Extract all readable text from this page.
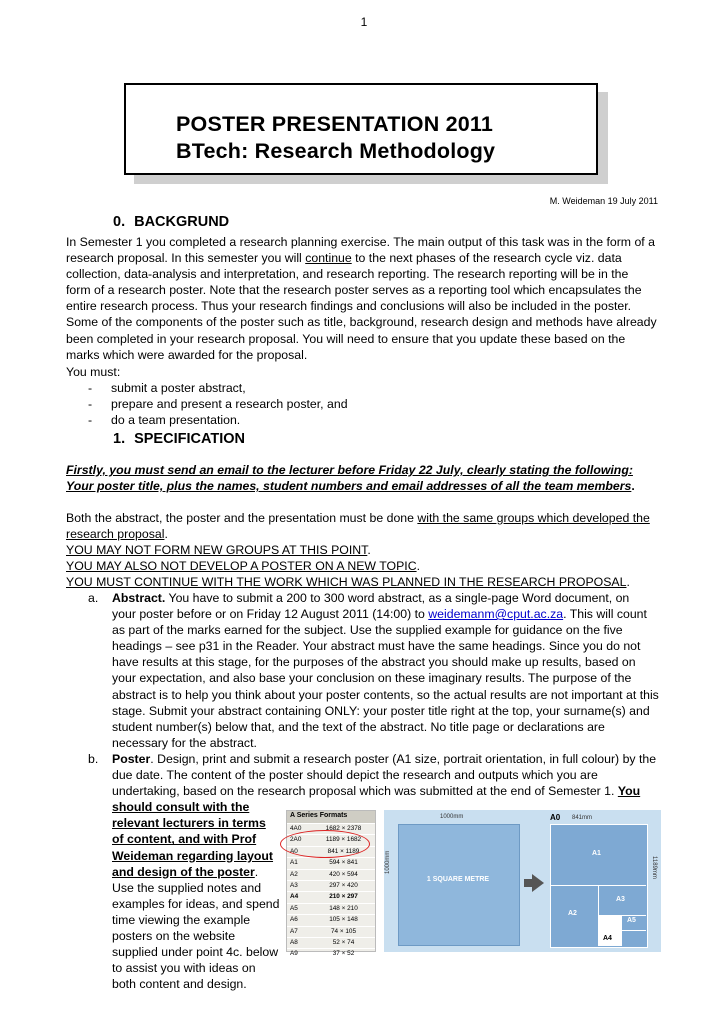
1
POSTER PRESENTATION 2011
BTech: Research Methodology
M. Weideman 19 July 2011
0. BACKGRUND
In Semester 1 you completed a research planning exercise. The main output of this task was in the form of a
research proposal. In this semester you will continue to the next phases of the research cycle viz. data
collection, data-analysis and interpretation, and research reporting. The research reporting will be in the
form of a research poster. Note that the research poster serves as a reporting tool which encapsulates the
entire research process. Thus your research findings and conclusions will also be included in the poster.
Some of the components of the poster such as title, background, research design and methods have already
been completed in your research proposal. You will need to ensure that you update these based on the
marks which were awarded for the proposal.
You must:
- submit a poster abstract,
- prepare and present a research poster, and
- do a team presentation.
1. SPECIFICATION
Firstly, you must send an email to the lecturer before Friday 22 July, clearly stating the following:
Your poster title, plus the names, student numbers and email addresses of all the team members.
Both the abstract, the poster and the presentation must be done with the same groups which developed the
research proposal.
YOU MAY NOT FORM NEW GROUPS AT THIS POINT.
YOU MAY ALSO NOT DEVELOP A POSTER ON A NEW TOPIC.
YOU MUST CONTINUE WITH THE WORK WHICH WAS PLANNED IN THE RESEARCH PROPOSAL.
a. Abstract. You have to submit a 200 to 300 word abstract, as a single-page Word document, on
your poster before or on Friday 12 August 2011 (14:00) to weidemanm@cput.ac.za. This will count
as part of the marks earned for the subject. Use the supplied example for guidance on the five
headings – see p31 in the Reader. Your abstract must have the same headings. Since you do not
have results at this stage, for the purposes of the abstract you should make up results, based on
your expectation, and also base your conclusion on these imaginary results. The purpose of the
abstract is to help you think about your poster contents, so the actual results are not important at this
stage. Submit your abstract containing ONLY: your poster title right at the top, your surname(s) and
student number(s) below that, and the text of the abstract. No title page or declarations are
necessary for the abstract.
b. Poster. Design, print and submit a research poster (A1 size, portrait orientation, in full colour) by the
due date. The content of the poster should depict the research and outputs which you are
undertaking, based on the research proposal which was submitted at the end of Semester 1. You
should consult with the
relevant lecturers in terms
of content, and with Prof
Weideman regarding layout
and design of the poster.
Use the supplied notes and
examples for ideas, and spend
time viewing the example
posters on the website
supplied under point 4c. below
to assist you with ideas on
both content and design.
A Series Formats
4A0	1682 × 2378
2A0	1189 × 1682
A0	841 × 1189
A1	594 × 841
A2	420 × 594
A3	297 × 420
A4	210 × 297
A5	148 × 210
A6	105 × 148
A7	74 × 105
A8	52 × 74
A9	37 × 52
1000mm
1 SQUARE METRE
1000mm
A0 841mm
A1
A2
A3
A4
A5
1189mm
